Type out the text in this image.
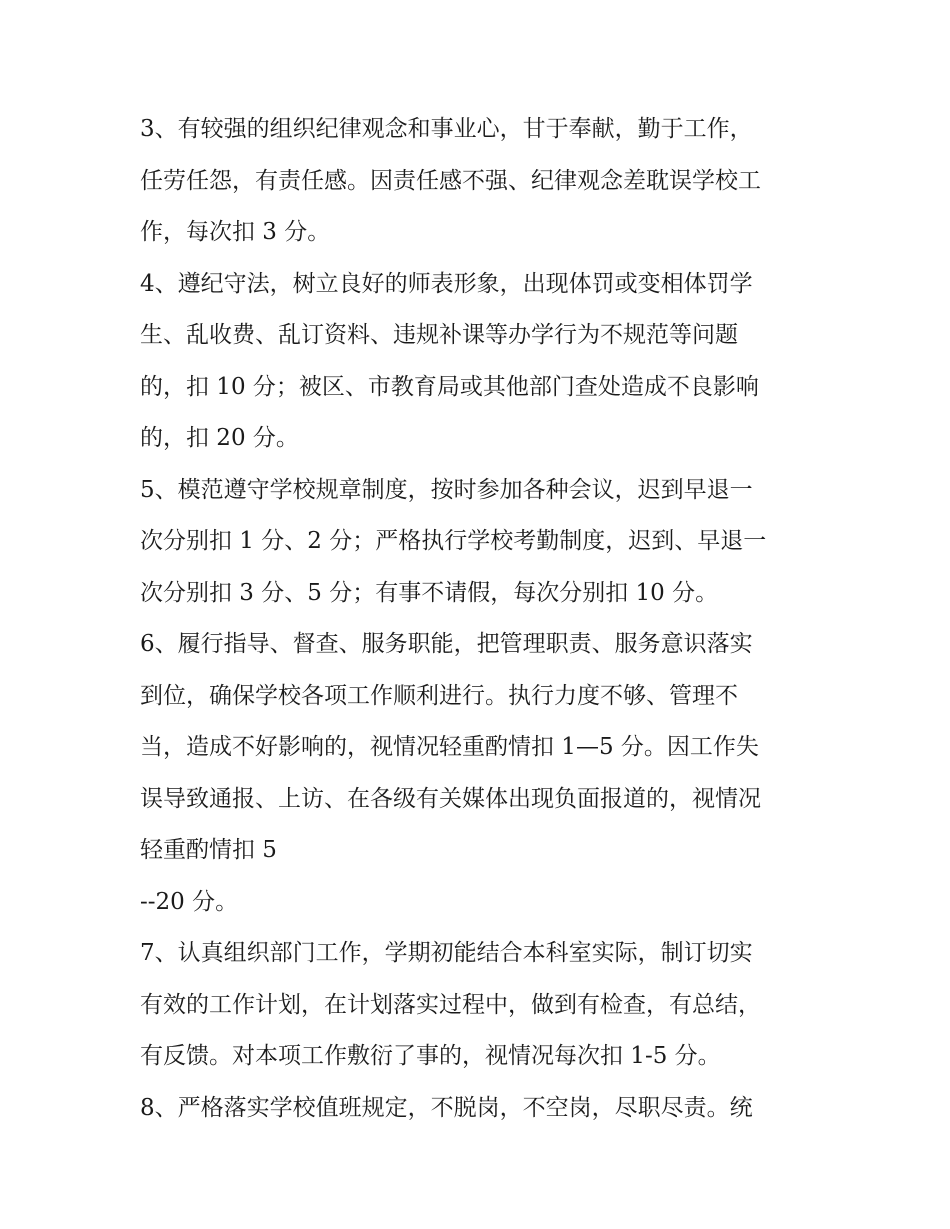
3、有较强的组织纪律观念和事业心，甘于奉献，勤于工作，
任劳任怨，有责任感。因责任感不强、纪律观念差耽误学校工
作，每次扣 3 分。
4、遵纪守法，树立良好的师表形象，出现体罚或变相体罚学
生、乱收费、乱订资料、违规补课等办学行为不规范等问题
的，扣 10 分；被区、市教育局或其他部门查处造成不良影响
的，扣 20 分。
5、模范遵守学校规章制度，按时参加各种会议，迟到早退一
次分别扣 1 分、2 分；严格执行学校考勤制度，迟到、早退一
次分别扣 3 分、5 分；有事不请假，每次分别扣 10 分。
6、履行指导、督查、服务职能，把管理职责、服务意识落实
到位，确保学校各项工作顺利进行。执行力度不够、管理不
当，造成不好影响的，视情况轻重酌情扣 1—5 分。因工作失
误导致通报、上访、在各级有关媒体出现负面报道的，视情况
轻重酌情扣 5
--20 分。
7、认真组织部门工作，学期初能结合本科室实际，制订切实
有效的工作计划，在计划落实过程中，做到有检查，有总结，
有反馈。对本项工作敷衍了事的，视情况每次扣 1-5 分。
8、严格落实学校值班规定，不脱岗，不空岗，尽职尽责。统
